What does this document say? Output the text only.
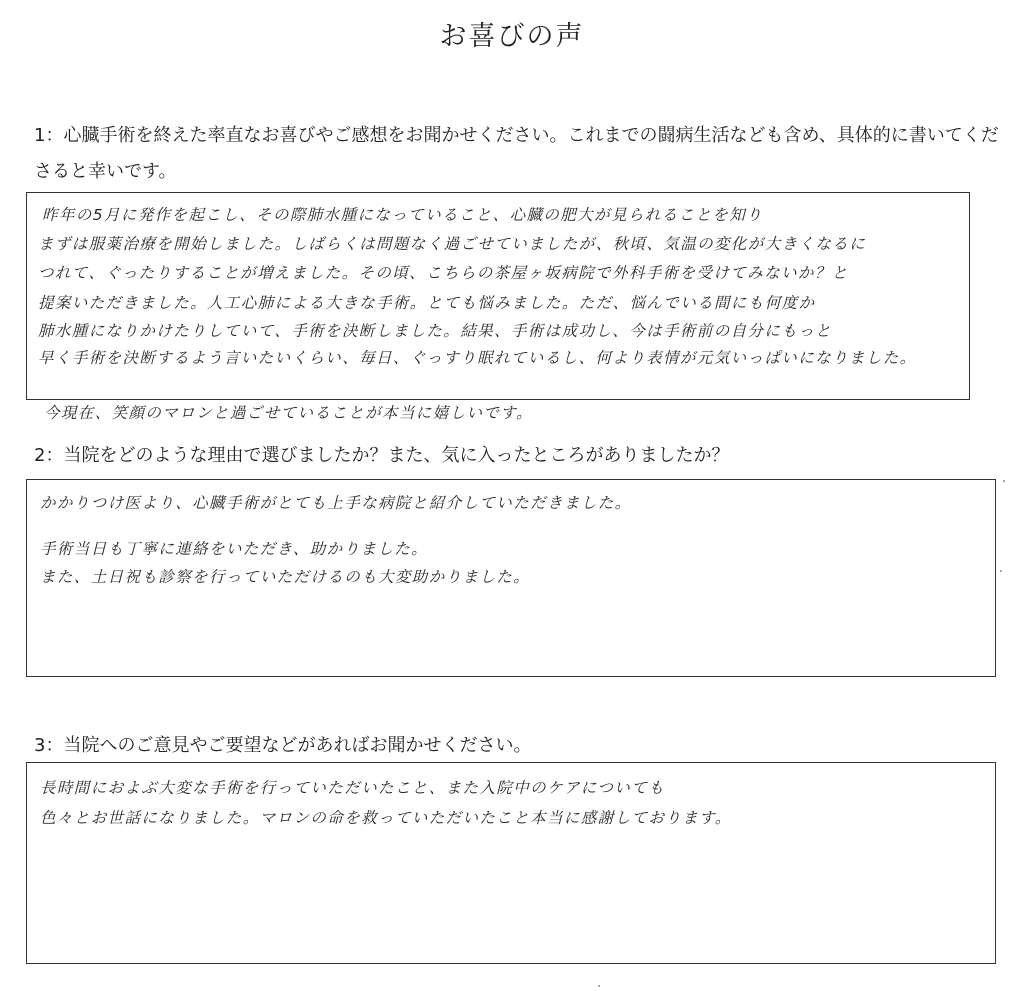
お喜びの声
1：心臓手術を終えた率直なお喜びやご感想をお聞かせください。これまでの闘病生活なども含め、具体的に書いてくださると幸いです。
昨年の5月に発作を起こし、その際肺水腫になっていること、心臓の肥大が見られることを知り
まずは服薬治療を開始しました。しばらくは問題なく過ごせていましたが、秋頃、気温の変化が大きくなるに
つれて、ぐったりすることが増えました。その頃、こちらの茶屋ヶ坂病院で外科手術を受けてみないか？と
提案いただきました。人工心肺による大きな手術。とても悩みました。ただ、悩んでいる間にも何度か
肺水腫になりかけたりしていて、手術を決断しました。結果、手術は成功し、今は手術前の自分にもっと
早く手術を決断するよう言いたいくらい、毎日、ぐっすり眠れているし、何より表情が元気いっぱいになりました。
今現在、笑顔のマロンと過ごせていることが本当に嬉しいです。
2：当院をどのような理由で選びましたか？また、気に入ったところがありましたか？
かかりつけ医より、心臓手術がとても上手な病院と紹介していただきました。
手術当日も丁寧に連絡をいただき、助かりました。
また、土日祝も診察を行っていただけるのも大変助かりました。
3：当院へのご意見やご要望などがあればお聞かせください。
長時間におよぶ大変な手術を行っていただいたこと、また入院中のケアについても
色々とお世話になりました。マロンの命を救っていただいたこと本当に感謝しております。
